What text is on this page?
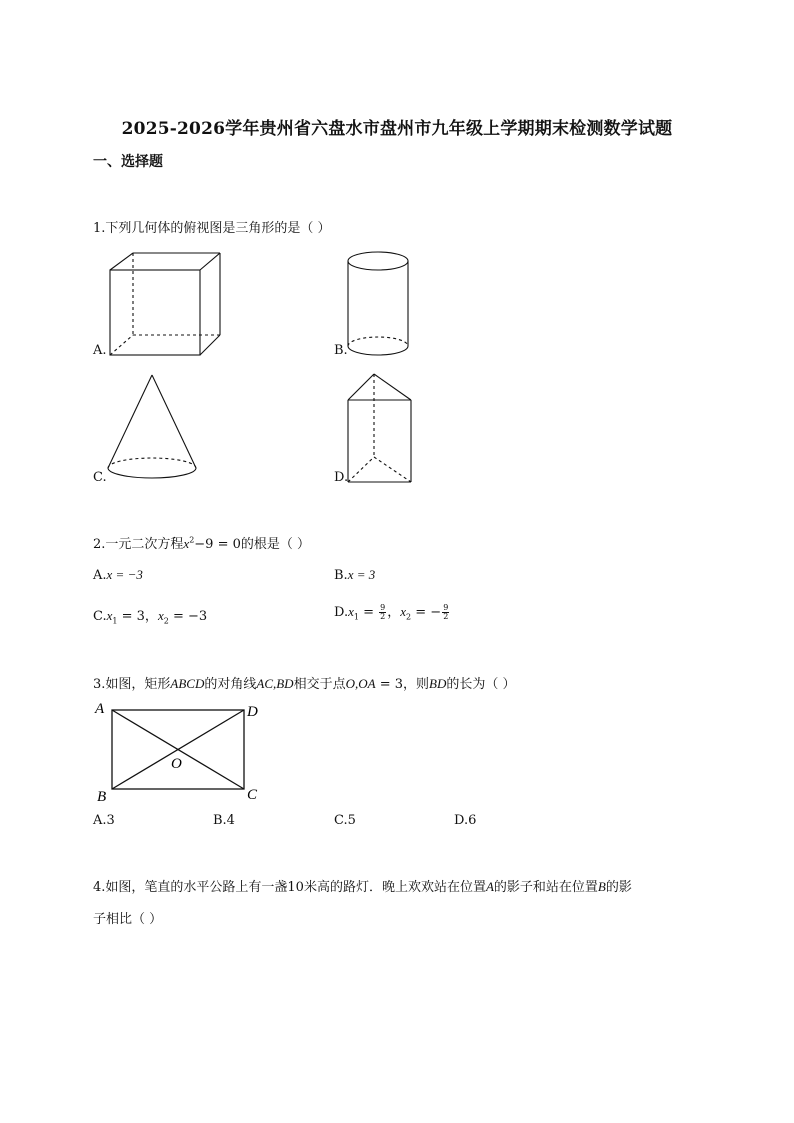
2025-2026学年贵州省六盘水市盘州市九年级上学期期末检测数学试题
一、选择题
1.下列几何体的俯视图是三角形的是（ ）
A.	B.
C.	D.
2.一元二次方程$x^2-9 = 0$的根是（ ）
A.x = −3	B.x = 3
$C.x_1 = 3$，$x_2 = -3$	$D.x_1 = \frac{9}{2}$ ，$x_2$ = − $\frac{9}{2}$
3.如图，矩形ABCD的对角线AC,BD相交于点O,OA = 3，则BD的长为（ ）
A	D
B	C
O
A.3	B.4	C.5	D.6
4.如图，笔直的水平公路上有一盏10米高的路灯．晚上欢欢站在位置A的影子和站在位置B的影
子相比（ ）
